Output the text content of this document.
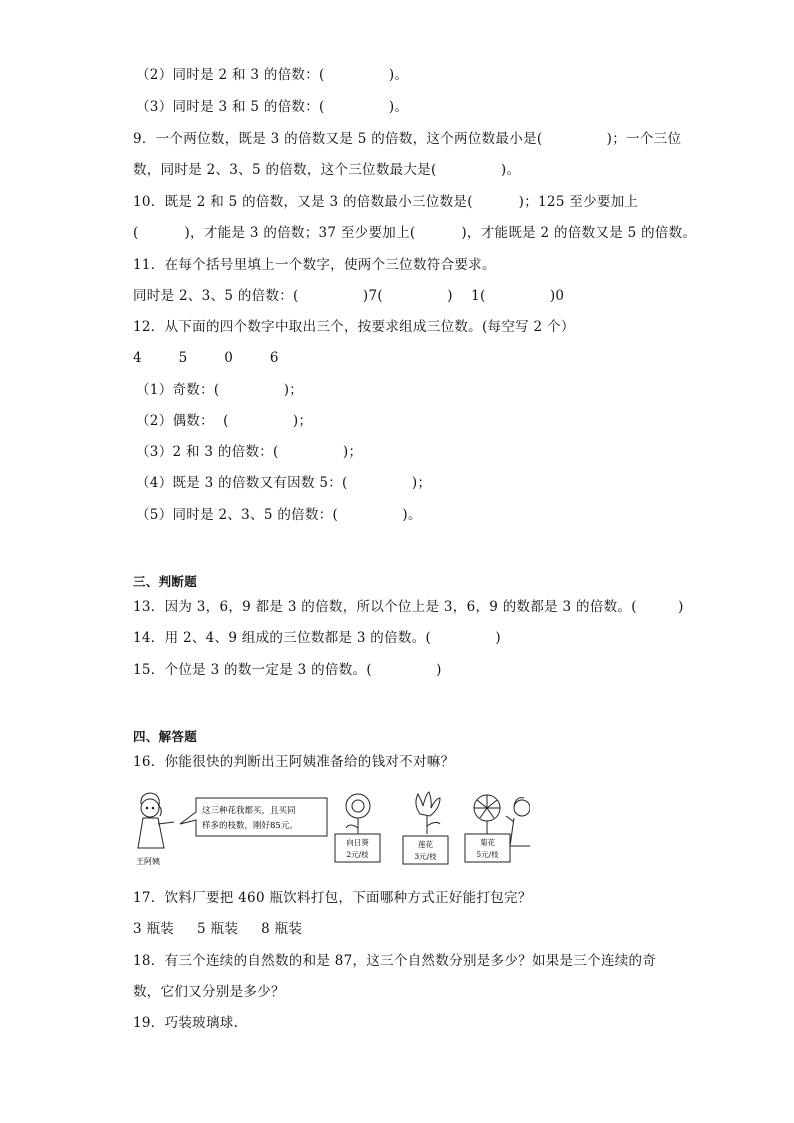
（2）同时是 2 和 3 的倍数：(              )。
（3）同时是 3 和 5 的倍数：(              )。
9．一个两位数，既是 3 的倍数又是 5 的倍数，这个两位数最小是(              )；一个三位
数，同时是 2、3、5 的倍数，这个三位数最大是(              )。
10．既是 2 和 5 的倍数，又是 3 的倍数最小三位数是(          )；125 至少要加上
(          )，才能是 3 的倍数；37 至少要加上(          )，才能既是 2 的倍数又是 5 的倍数。
11．在每个括号里填上一个数字，使两个三位数符合要求。
同时是 2、3、5 的倍数：(              )7(              )    1(              )0
12．从下面的四个数字中取出三个，按要求组成三位数。(每空写 2 个）
4        5        0        6
（1）奇数：(              )；
（2）偶数：  (              )；
（3）2 和 3 的倍数：(              )；
（4）既是 3 的倍数又有因数 5：(              )；
（5）同时是 2、3、5 的倍数：(              )。
三、判断题
13．因为 3，6，9 都是 3 的倍数，所以个位上是 3，6，9 的数都是 3 的倍数。(         )
14．用 2、4、9 组成的三位数都是 3 的倍数。(              )
15．个位是 3 的数一定是 3 的倍数。(              )
四、解答题
16．你能很快的判断出王阿姨准备给的钱对不对嘛？
王阿姨
这三种花我都买，且买同
样多的枝数，刚好85元。
向日葵
2元/枝
莲花
3元/枝
菊花
5元/枝
17．饮料厂要把 460 瓶饮料打包，下面哪种方式正好能打包完？
3 瓶装     5 瓶装     8 瓶装
18．有三个连续的自然数的和是 87，这三个自然数分别是多少？如果是三个连续的奇
数，它们又分别是多少？
19．巧装玻璃球.
